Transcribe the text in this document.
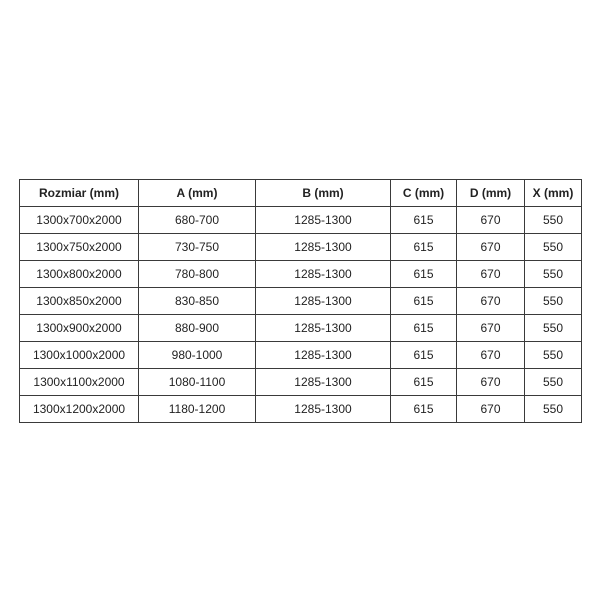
Rozmiar (mm)	A (mm)	B (mm)	C (mm)	D (mm)	X (mm)
1300x700x2000	680-700	1285-1300	615	670	550
1300x750x2000	730-750	1285-1300	615	670	550
1300x800x2000	780-800	1285-1300	615	670	550
1300x850x2000	830-850	1285-1300	615	670	550
1300x900x2000	880-900	1285-1300	615	670	550
1300x1000x2000	980-1000	1285-1300	615	670	550
1300x1100x2000	1080-1100	1285-1300	615	670	550
1300x1200x2000	1180-1200	1285-1300	615	670	550
